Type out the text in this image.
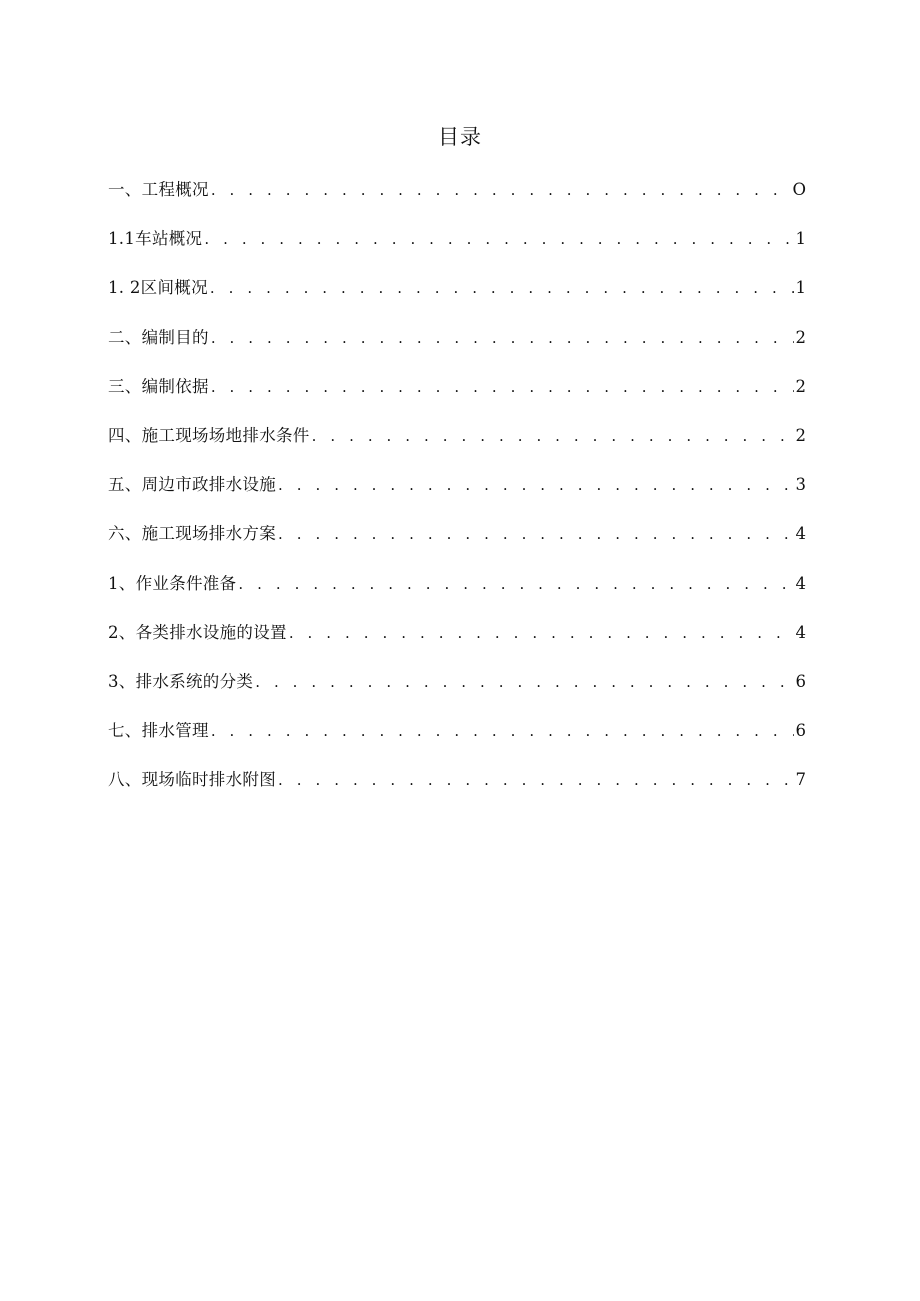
目录
一、工程概况 . . .	O
1.1车站概况 . . .	1
1. 2区间概况 . . .	1
二、编制目的 . . .	2
三、编制依据 . . .	2
四、施工现场场地排水条件 . . .	2
五、周边市政排水设施 . . .	3
六、施工现场排水方案 . . .	4
1、作业条件准备 . . .	4
2、各类排水设施的设置 . . .	4
3、排水系统的分类 . . .	6
七、排水管理 . . .	6
八、现场临时排水附图 . . .	7
